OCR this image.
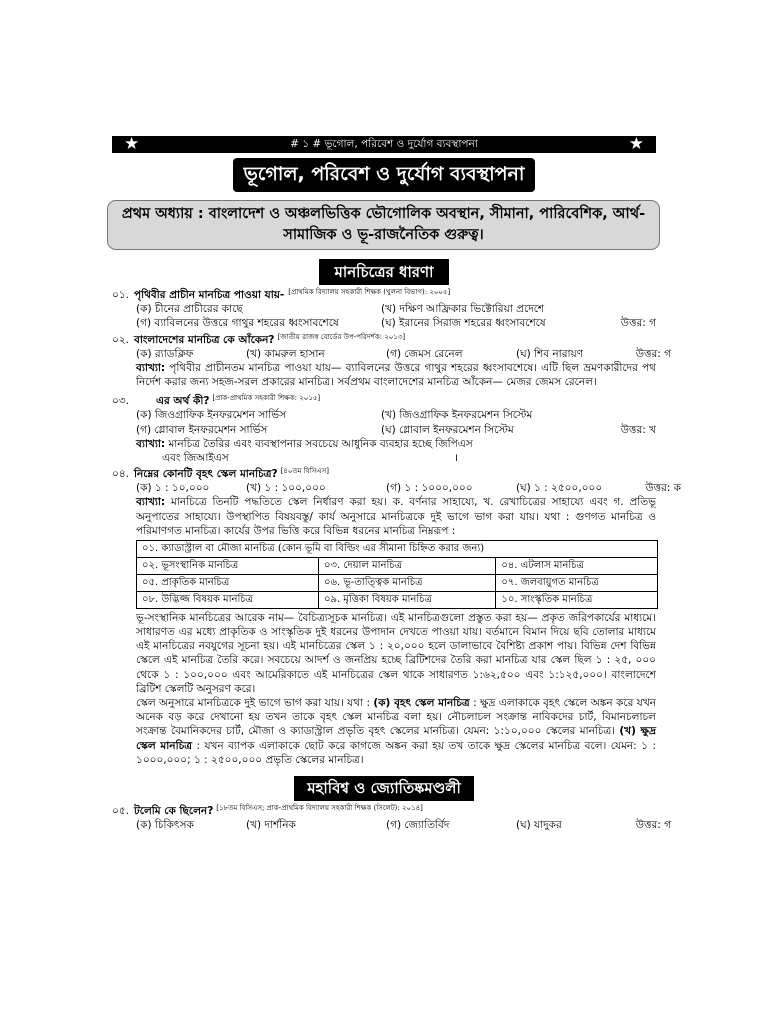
★	# ১ # ভূগোল, পরিবেশ ও দুর্যোগ ব্যবস্থাপনা	★
ভূগোল, পরিবেশ ও দুর্যোগ ব্যবস্থাপনা
প্রথম অধ্যায় : বাংলাদেশ ও অঞ্চলভিত্তিক ভৌগোলিক অবস্থান, সীমানা, পারিবেশিক, আর্থ-সামাজিক ও ভূ-রাজনৈতিক গুরুত্ব।
মানচিত্রের ধারণা
০১. পৃথিবীর প্রাচীন মানচিত্র পাওয়া যায়- [প্রাথমিক বিদ্যালয় সহকারী শিক্ষক (খুলনা বিভাগ): ২০০৫]
(ক) চীনের প্রাচীরের কাছে	(খ) দক্ষিণ আফ্রিকার ভিক্টোরিয়া প্রদেশে
(গ) ব্যাবিলনের উত্তরে গাথুর শহরের ধ্বংসাবশেষে	(ঘ) ইরানের সিরাজ শহরের ধ্বংসাবশেষে	উত্তর: গ
০২. বাংলাদেশের মানচিত্র কে আঁকেন? [জাতীয় রাজস্ব বোর্ডের উপ-পরিদর্শক: ২০১৩]
(ক) র‍্যাডক্লিফ	(খ) কামরুল হাসান	(গ) জেমস রেনেল	(ঘ) শিব নারায়ণ	উত্তর: গ
ব্যাখ্যা: পৃথিবীর প্রাচীনতম মানচিত্র পাওয়া যায়— ব্যাবিলনের উত্তরে গাথুর শহরের ধ্বংসাবশেষে। এটি ছিল ভ্রমণকারীদের পথ নির্দেশ করার জন্য সহজ-সরল প্রকারের মানচিত্র। সর্বপ্রথম বাংলাদেশের মানচিত্র আঁকেন— মেজর জেমস রেনেল।
০৩.	এর অর্থ কী? [প্রাক-প্রাথমিক সহকারী শিক্ষক: ২০১৫]
(ক) জিওগ্রাফিক ইনফরমেশন সার্ভিস	(খ) জিওগ্রাফিক ইনফরমেশন সিস্টেম
(গ) গ্লোবাল ইনফরমেশন সার্ভিস	(ঘ) গ্লোবাল ইনফরমেশন সিস্টেম	উত্তর: খ
ব্যাখ্যা: মানচিত্র তৈরির এবং ব্যবস্থাপনার সবচেয়ে আধুনিক ব্যবহার হচ্ছে জিপিএস
এবং জিআইএস	।
০৪. নিম্নের কোনটি বৃহৎ স্কেল মানচিত্র? [৪০তম বিসিএস]
(ক) ১ : ১০,০০০	(খ) ১ : ১০০,০০০	(গ) ১ : ১০০০,০০০	(ঘ) ১ : ২৫০০,০০০	উত্তর: ক
ব্যাখ্যা: মানচিত্রে তিনটি পদ্ধতিতে স্কেল নির্ধারণ করা হয়। ক. বর্ণনার সাহায্যে, খ. রেখাচিত্রের সাহায্যে এবং গ. প্রতিভূ অনুপাতের সাহায্যে। উপস্থাপিত বিষয়বস্তু/ কার্য অনুসারে মানচিত্রকে দুই ভাগে ভাগ করা যায়। যথা : গুণগত মানচিত্র ও পরিমাণগত মানচিত্র। কার্যের উপর ভিত্তি করে বিভিন্ন ধরনের মানচিত্র নিম্নরূপ :
০১. ক্যাডাস্ট্রাল বা মৌজা মানচিত্র (কোন ভূমি বা বিল্ডিং এর সীমানা চিহ্নিত করার জন্য)		
০২. ভূসংস্থানিক মানচিত্র	০৩. দেয়াল মানচিত্র	০৪. এটলাস মানচিত্র
০৫. প্রাকৃতিক মানচিত্র	০৬. ভূ-তাত্ত্বিক মানচিত্র	০৭. জলবায়ুগত মানচিত্র
০৮. উদ্ভিজ্জ বিষয়ক মানচিত্র	০৯. মৃত্তিকা বিষয়ক মানচিত্র	১০. সাংস্কৃতিক মানচিত্র
ভূ-সংস্থানিক মানচিত্রের আরেক নাম— বৈচিত্র্যসূচক মানচিত্র। এই মানচিত্রগুলো প্রস্তুত করা হয়— প্রকৃত জরিপকার্যের মাধ্যমে। সাধারণত এর মধ্যে প্রাকৃতিক ও সাংস্কৃতিক দুই ধরনের উপাদান দেখতে পাওয়া যায়। বর্তমানে বিমান দিয়ে ছবি তোলার মাধ্যমে এই মানচিত্রের নবযুগের সূচনা হয়। এই মানচিত্রের স্কেল ১ : ২০,০০০ হলে ডালাভাবে বৈশিষ্ট্য প্রকাশ পায়। বিভিন্ন দেশ বিভিন্ন স্কেলে এই মানচিত্র তৈরি করে। সবচেয়ে আদর্শ ও জনপ্রিয় হচ্ছে ব্রিটিশদের তৈরি করা মানচিত্র যার স্কেল ছিল ১ : ২৫, ০০০ থেকে ১ : ১০০,০০০ এবং আমেরিকাতে এই মানচিত্রের স্কেল থাকে সাধারণত ১:৬২,৫০০ এবং ১:১২৫,০০০। বাংলাদেশে ব্রিটিশ স্কেলটি অনুসরণ করে।
স্কেল অনুসারে মানচিত্রকে দুই ভাগে ভাগ করা যায়। যথা : (ক) বৃহৎ স্কেল মানচিত্র : ক্ষুদ্র এলাকাকে বৃহৎ স্কেলে অঙ্কন করে যখন অনেক বড় করে দেখানো হয় তখন তাকে বৃহৎ স্কেল মানচিত্র বলা হয়। নৌচলাচল সংক্রান্ত নাবিকদের চার্ট, বিমানচলাচল সংক্রান্ত বৈমানিকদের চার্ট, মৌজা ও ক্যাডাস্ট্রাল প্রভৃতি বৃহৎ স্কেলের মানচিত্র। যেমন: ১:১০,০০০ স্কেলের মানচিত্র। (খ) ক্ষুদ্র স্কেল মানচিত্র : যখন ব্যাপক এলাকাকে ছোট করে কাগজে অঙ্কন করা হয় তখ তাকে ক্ষুদ্র স্কেলের মানচিত্র বলে। যেমন: ১ : ১০০০,০০০; ১ : ২৫০০,০০০ প্রভৃতি স্কেলের মানচিত্র।
মহাবিশ্ব ও জ্যোতিষ্কমণ্ডলী
০৫. টলেমি কে ছিলেন? [১৮তম বিসিএস; প্রাক-প্রাথমিক বিদ্যালয় সহকারী শিক্ষক (সিলেট): ২০১৪]
(ক) চিকিৎসক	(খ) দার্শনিক	(গ) জ্যোতির্বিদ	(ঘ) যাদুকর	উত্তর: গ
